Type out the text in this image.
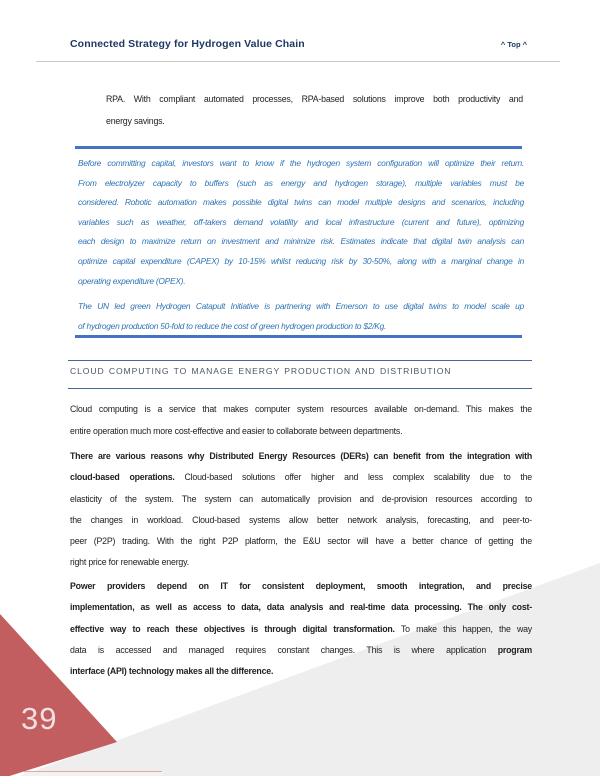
39
Connected Strategy for Hydrogen Value Chain	^ Top ^
RPA. With compliant automated processes, RPA-based solutions improve both productivity and
energy savings.
Before committing capital, investors want to know if the hydrogen system configuration will optimize their return.
From electrolyzer capacity to buffers (such as energy and hydrogen storage), multiple variables must be
considered. Robotic automation makes possible digital twins can model multiple designs and scenarios, including
variables such as weather, off-takers demand volatility and local infrastructure (current and future), optimizing
each design to maximize return on investment and minimize risk. Estimates indicate that digital twin analysis can
optimize capital expenditure (CAPEX) by 10-15% whilst reducing risk by 30-50%, along with a marginal change in
operating expenditure (OPEX).
The UN led green Hydrogen Catapult Initiative is partnering with Emerson to use digital twins to model scale up
of hydrogen production 50-fold to reduce the cost of green hydrogen production to $2/Kg.
CLOUD COMPUTING TO MANAGE ENERGY PRODUCTION AND DISTRIBUTION
Cloud computing is a service that makes computer system resources available on-demand. This makes the
entire operation much more cost-effective and easier to collaborate between departments.
There are various reasons why Distributed Energy Resources (DERs) can benefit from the integration with
cloud-based operations. Cloud-based solutions offer higher and less complex scalability due to the
elasticity of the system. The system can automatically provision and de-provision resources according to
the changes in workload. Cloud-based systems allow better network analysis, forecasting, and peer-to-
peer (P2P) trading. With the right P2P platform, the E&U sector will have a better chance of getting the
right price for renewable energy.
Power providers depend on IT for consistent deployment, smooth integration, and precise
implementation, as well as access to data, data analysis and real-time data processing. The only cost-
effective way to reach these objectives is through digital transformation. To make this happen, the way
data is accessed and managed requires constant changes. This is where application program
interface (API) technology makes all the difference.
